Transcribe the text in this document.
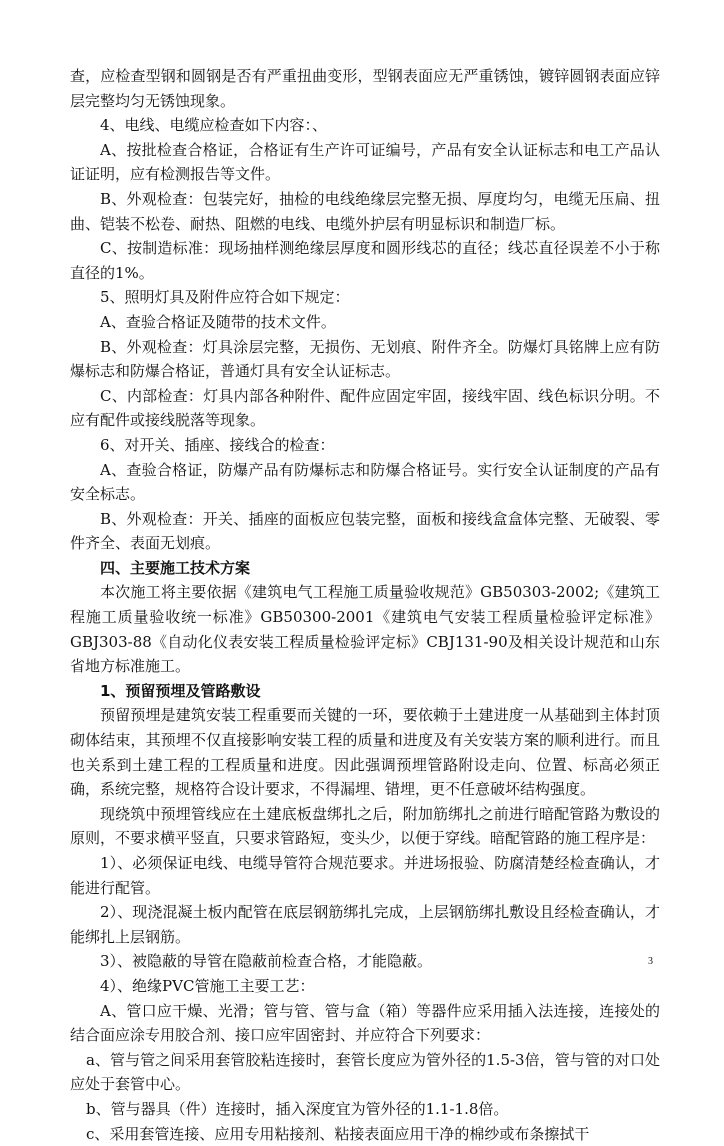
查，应检查型钢和圆钢是否有严重扭曲变形，型钢表面应无严重锈蚀，镀锌圆钢表面应锌层完整均匀无锈蚀现象。

4、电线、电缆应检查如下内容：、

A、按批检查合格证，合格证有生产许可证编号，产品有安全认证标志和电工产品认证证明，应有检测报告等文件。

B、外观检查：包装完好，抽检的电线绝缘层完整无损、厚度均匀，电缆无压扁、扭曲、铠装不松卷、耐热、阻燃的电线、电缆外护层有明显标识和制造厂标。

C、按制造标准：现场抽样测绝缘层厚度和圆形线芯的直径；线芯直径误差不小于称直径的1%。

5、照明灯具及附件应符合如下规定：

A、查验合格证及随带的技术文件。

B、外观检查：灯具涂层完整，无损伤、无划痕、附件齐全。防爆灯具铭牌上应有防爆标志和防爆合格证，普通灯具有安全认证标志。

C、内部检查：灯具内部各种附件、配件应固定牢固，接线牢固、线色标识分明。不应有配件或接线脱落等现象。

6、对开关、插座、接线合的检查：

A、查验合格证，防爆产品有防爆标志和防爆合格证号。实行安全认证制度的产品有安全标志。

B、外观检查：开关、插座的面板应包装完整，面板和接线盒盒体完整、无破裂、零件齐全、表面无划痕。

四、主要施工技术方案

本次施工将主要依据《建筑电气工程施工质量验收规范》GB50303-2002;《建筑工程施工质量验收统一标准》GB50300-2001《建筑电气安装工程质量检验评定标准》GBJ303-88《自动化仪表安装工程质量检验评定标》CBJ131-90及相关设计规范和山东省地方标准施工。

1、预留预埋及管路敷设

预留预埋是建筑安装工程重要而关键的一环，要依赖于土建进度一从基础到主体封顶砌体结束，其预埋不仅直接影响安装工程的质量和进度及有关安装方案的顺利进行。而且也关系到土建工程的工程质量和进度。因此强调预埋管路附设走向、位置、标高必须正确，系统完整，规格符合设计要求，不得漏埋、错埋，更不任意破坏结构强度。

现绕筑中预埋管线应在土建底板盘绑扎之后，附加筋绑扎之前进行暗配管路为敷设的原则，不要求横平竖直，只要求管路短，变头少，以便于穿线。暗配管路的施工程序是：

1）、必须保证电线、电缆导管符合规范要求。并进场报验、防腐清楚经检查确认，才能进行配管。

2）、现浇混凝土板内配管在底层钢筋绑扎完成，上层钢筋绑扎敷设且经检查确认，才能绑扎上层钢筋。

3）、被隐蔽的导管在隐蔽前检查合格，才能隐蔽。

4）、绝缘PVC管施工主要工艺：

A、管口应干燥、光滑；管与管、管与盒（箱）等器件应采用插入法连接，连接处的结合面应涂专用胶合剂、接口应牢固密封、并应符合下列要求：

a、管与管之间采用套管胶粘连接时，套管长度应为管外径的1.5-3倍，管与管的对口处应处于套管中心。

b、管与器具（件）连接时，插入深度宜为管外径的1.1-1.8倍。

c、采用套管连接、应用专用粘接剂、粘接表面应用干净的棉纱或布条擦拭干

3
